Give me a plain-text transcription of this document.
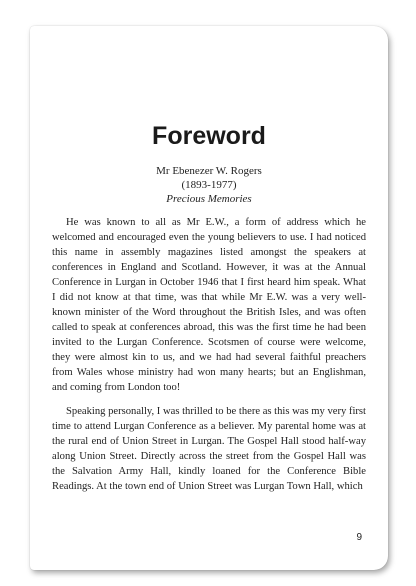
Foreword
Mr Ebenezer W. Rogers
(1893-1977)
Precious Memories

He was known to all as Mr E.W., a form of address which he welcomed and encouraged even the young believers to use. I had noticed this name in assembly magazines listed amongst the speakers at conferences in England and Scotland. However, it was at the Annual Conference in Lurgan in October 1946 that I first heard him speak. What I did not know at that time, was that while Mr E.W. was a very well-known minister of the Word throughout the British Isles, and was often called to speak at conferences abroad, this was the first time he had been invited to the Lurgan Conference. Scotsmen of course were welcome, they were almost kin to us, and we had had several faithful preachers from Wales whose ministry had won many hearts; but an Englishman, and coming from London too!

Speaking personally, I was thrilled to be there as this was my very first time to attend Lurgan Conference as a believer. My parental home was at the rural end of Union Street in Lurgan. The Gospel Hall stood half-way along Union Street. Directly across the street from the Gospel Hall was the Salvation Army Hall, kindly loaned for the Conference Bible Readings. At the town end of Union Street was Lurgan Town Hall, which

9
